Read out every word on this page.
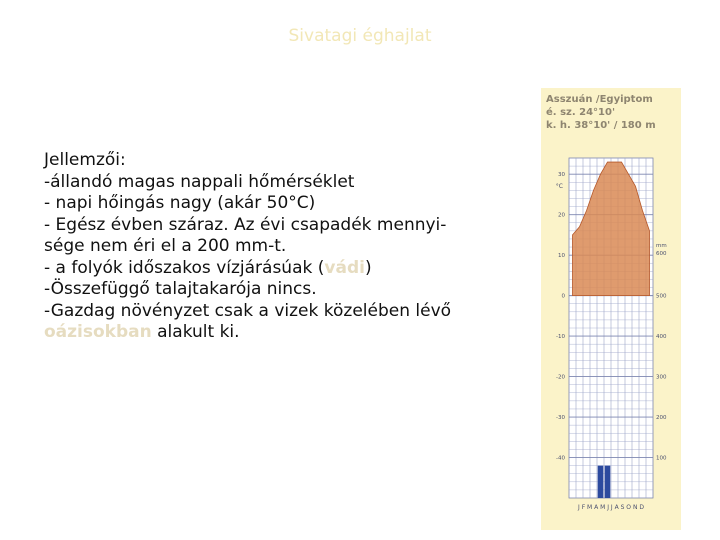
Sivatagi éghajlat
Jellemzői:
-állandó magas nappali hőmérséklet
- napi hőingás nagy (akár 50°C)
- Egész évben száraz. Az évi csapadék mennyi-
sége nem éri el a 200 mm-t.
- a folyók időszakos vízjárásúak (vádi)
-Összefüggő talajtakarója nincs.
-Gazdag növényzet csak a vizek közelében lévő
oázisokban alakult ki.
Asszuán /Egyiptom
é. sz. 24°10'
k. h. 38°10' / 180 m
30
20
10
0
-10
-20
-30
-40
°C
600
500
400
300
200
100
mm
J F M A M J J A S O N D
